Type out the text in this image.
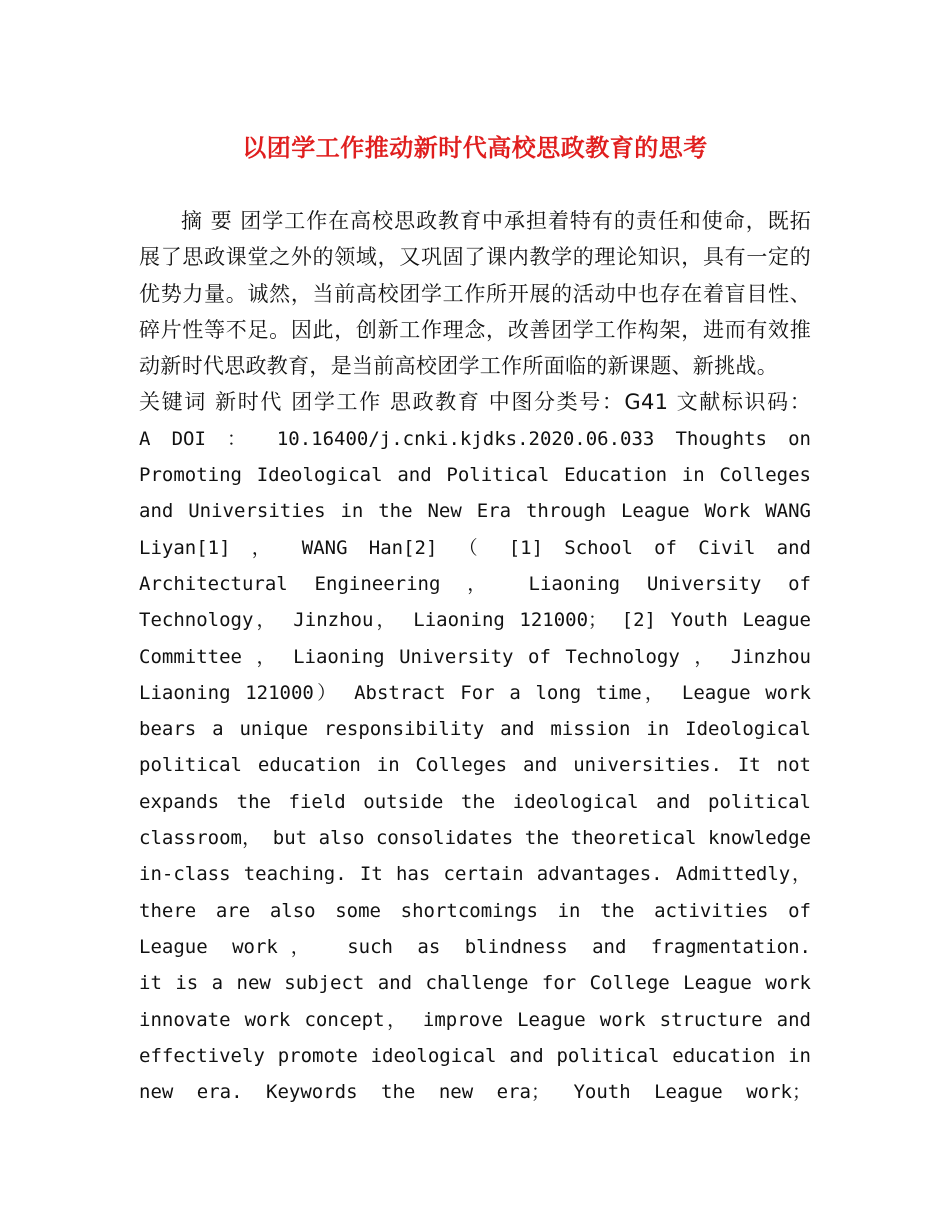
以团学工作推动新时代高校思政教育的思考
摘 要 团学工作在高校思政教育中承担着特有的责任和使命，既拓
展了思政课堂之外的领域，又巩固了课内教学的理论知识，具有一定的
优势力量。诚然，当前高校团学工作所开展的活动中也存在着盲目性、
碎片性等不足。因此，创新工作理念，改善团学工作构架，进而有效推
动新时代思政教育，是当前高校团学工作所面临的新课题、新挑战。
关键词 新时代 团学工作 思政教育 中图分类号：G41 文献标识码：
A DOI ： 10.16400/j.cnki.kjdks.2020.06.033 Thoughts on
Promoting Ideological and Political Education in Colleges
and Universities in the New Era through League Work WANG
Liyan[1] ， WANG Han[2] （ [1] School of Civil and
Architectural Engineering ， Liaoning University of
Technology， Jinzhou， Liaoning 121000； [2] Youth League
Committee ， Liaoning University of Technology ， Jinzhou
Liaoning 121000） Abstract For a long time， League work
bears a unique responsibility and mission in Ideological
political education in Colleges and universities. It not
expands the field outside the ideological and political
classroom， but also consolidates the theoretical knowledge
in-class teaching. It has certain advantages. Admittedly，
there are also some shortcomings in the activities of
League work， such as blindness and fragmentation.
it is a new subject and challenge for College League work
innovate work concept， improve League work structure and
effectively promote ideological and political education in
new era. Keywords the new era； Youth League work；
